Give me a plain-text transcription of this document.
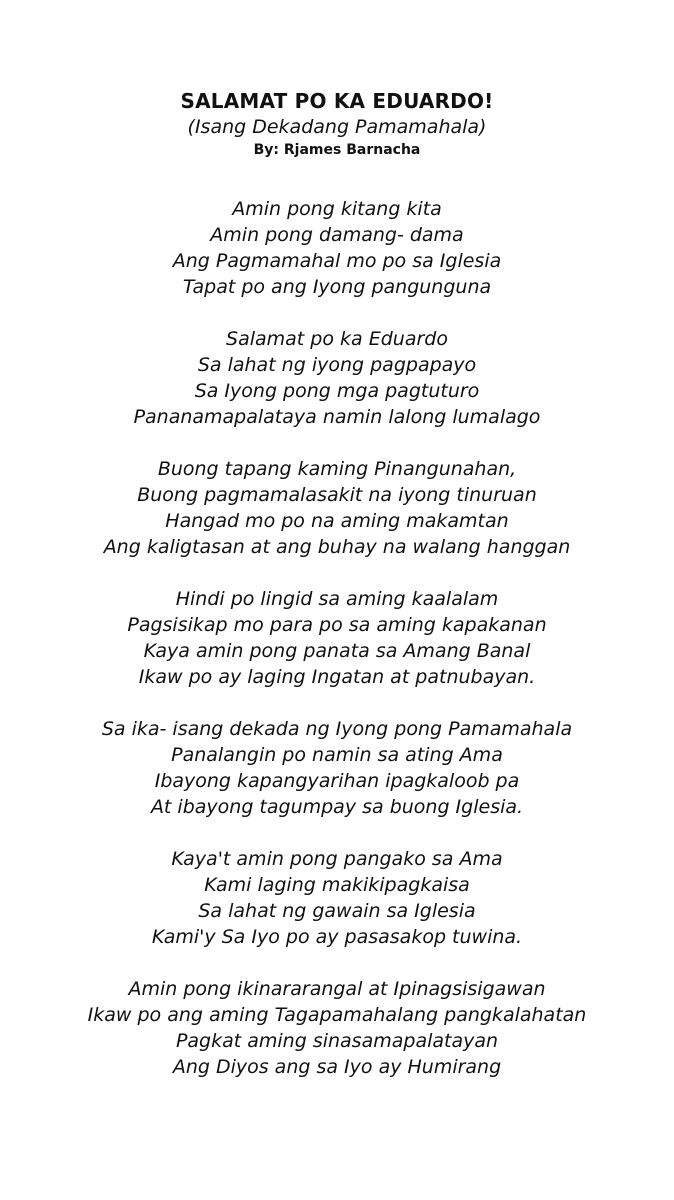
SALAMAT PO KA EDUARDO!
(Isang Dekadang Pamamahala)
By: Rjames Barnacha
Amin pong kitang kita
Amin pong damang- dama
Ang Pagmamahal mo po sa Iglesia
Tapat po ang Iyong pangunguna
Salamat po ka Eduardo
Sa lahat ng iyong pagpapayo
Sa Iyong pong mga pagtuturo
Pananamapalataya namin lalong lumalago
Buong tapang kaming Pinangunahan,
Buong pagmamalasakit na iyong tinuruan
Hangad mo po na aming makamtan
Ang kaligtasan at ang buhay na walang hanggan
Hindi po lingid sa aming kaalalam
Pagsisikap mo para po sa aming kapakanan
Kaya amin pong panata sa Amang Banal
Ikaw po ay laging Ingatan at patnubayan.
Sa ika- isang dekada ng Iyong pong Pamamahala
Panalangin po namin sa ating Ama
Ibayong kapangyarihan ipagkaloob pa
At ibayong tagumpay sa buong Iglesia.
Kaya't amin pong pangako sa Ama
Kami laging makikipagkaisa
Sa lahat ng gawain sa Iglesia
Kami'y Sa Iyo po ay pasasakop tuwina.
Amin pong ikinararangal at Ipinagsisigawan
Ikaw po ang aming Tagapamahalang pangkalahatan
Pagkat aming sinasamapalatayan
Ang Diyos ang sa Iyo ay Humirang
